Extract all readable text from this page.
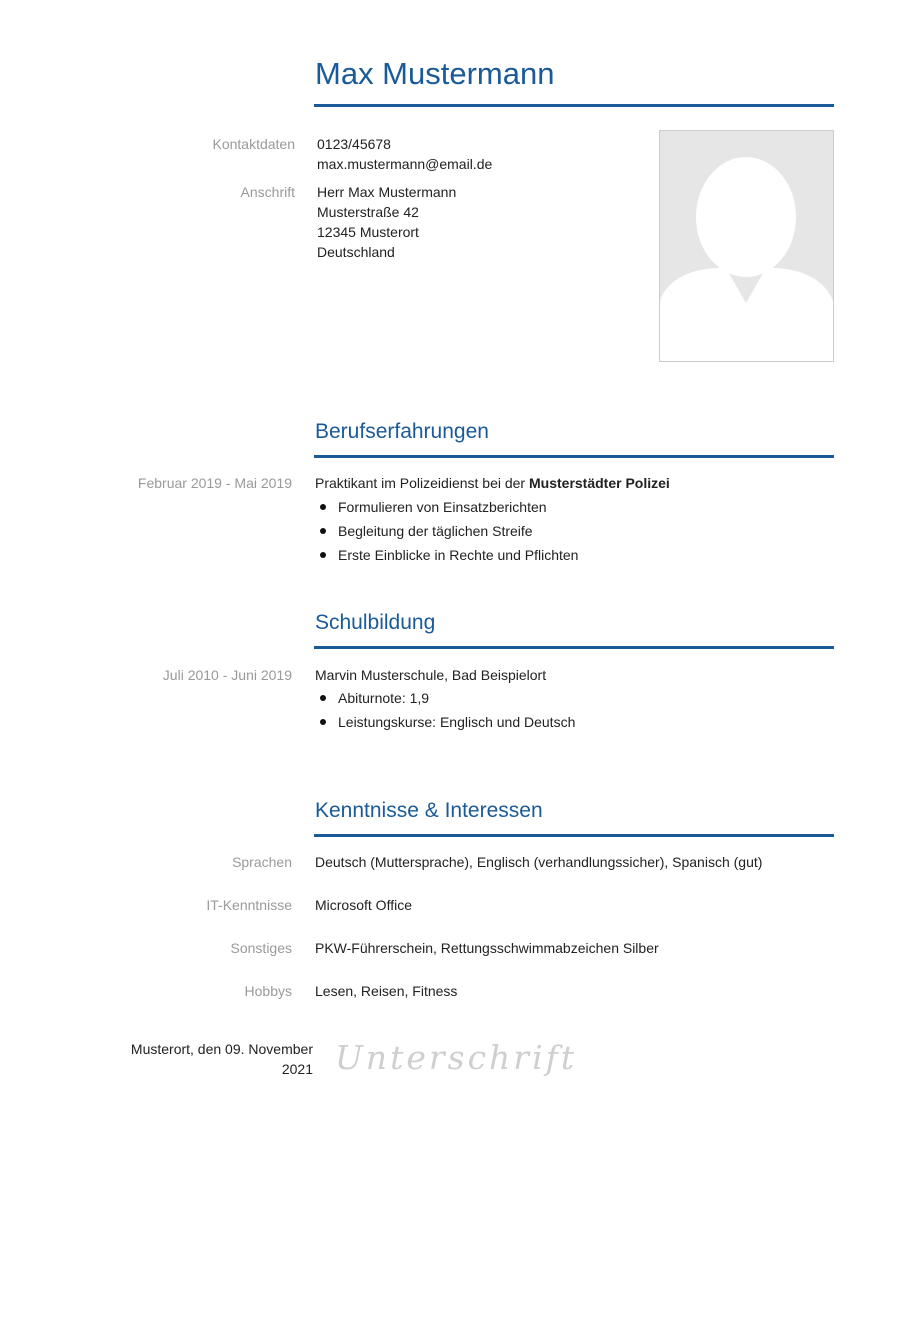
Max Mustermann
Kontaktdaten 0123/45678
max.mustermann@email.de
Anschrift Herr Max Mustermann
Musterstraße 42
12345 Musterort
Deutschland
Berufserfahrungen
Februar 2019 - Mai 2019 Praktikant im Polizeidienst bei der Musterstädter Polizei
Formulieren von Einsatzberichten
Begleitung der täglichen Streife
Erste Einblicke in Rechte und Pflichten
Schulbildung
Juli 2010 - Juni 2019 Marvin Musterschule, Bad Beispielort
Abiturnote: 1,9
Leistungskurse: Englisch und Deutsch
Kenntnisse & Interessen
Sprachen Deutsch (Muttersprache), Englisch (verhandlungssicher), Spanisch (gut)
IT-Kenntnisse Microsoft Office
Sonstiges PKW-Führerschein, Rettungsschwimmabzeichen Silber
Hobbys Lesen, Reisen, Fitness
Musterort, den 09. November
2021 Unterschrift
